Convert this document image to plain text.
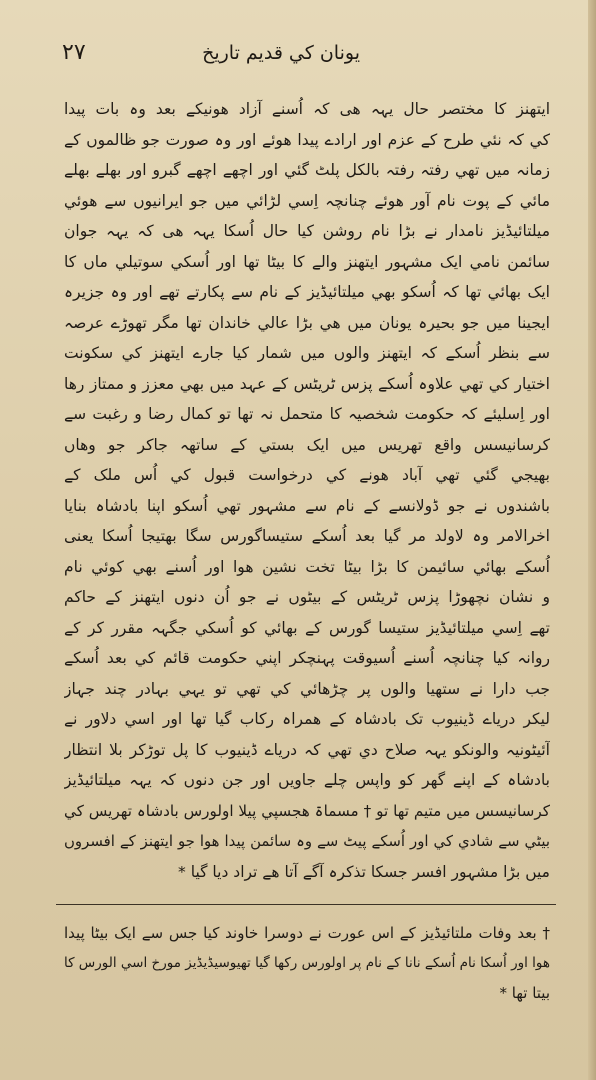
۲۷	یونان کي قدیم تاریخ
ایتھنز کا مختصر حال یہہ ھی کہ اُسنے آزاد ھونیکے بعد وہ بات پیدا
کي کہ نئي طرح کے عزم اور ارادے پیدا ھوئے اور وہ صورت جو ظالموں کے
زمانہ میں تھي رفتہ رفتہ بالکل پلٹ گئي اور اچھے اچھے گبرو اور بھلے بھلے
مائي کے پوت نام آور ھوئے چنانچہ اِسي لڑائي میں جو ایرانیوں سے ھوئي
میلتائیڈیز نامدار نے بڑا نام روشن کیا حال اُسکا یہہ ھی کہ یہہ جوان
سائمن نامي ایک مشہور ایتھنز والے کا بیٹا تھا اور اُسکي سوتیلي ماں کا
ایک بھائي تھا کہ اُسکو بھي میلتائیڈیز کے نام سے پکارتے تھے اور وہ جزیرہ
ایجینا میں جو بحیرہ یونان میں ھي بڑا عالي خاندان تھا مگر تھوڑے عرصہ
سے بنظر اُسکے کہ ایتھنز والوں میں شمار کیا جارے ایتھنز کي سکونت
اختیار کي تھي علاوہ اُسکے پزس ٹریٹس کے عہد میں بھي معزز و ممتاز رھا
اور اِسلیئے کہ حکومت شخصیہ کا متحمل نہ تھا تو کمال رضا و رغبت سے
کرسانیسس واقع تھریس میں ایک بستي کے ساتھہ جاکر جو وھاں
بھیجي گئي تھي آباد ھونے کي درخواست قبول کي اُس ملک کے
باشندوں نے جو ڈولانسے کے نام سے مشہور تھي اُسکو اپنا بادشاہ بنایا
اخرالامر وہ لاولد مر گیا بعد اُسکے ستیساگورس سگا بھتیجا اُسکا یعنی
اُسکے بھائي سائیمن کا بڑا بیٹا تخت نشین ھوا اور اُسنے بھي کوئي نام
و نشان نچھوڑا پزس ٹریٹس کے بیٹوں نے جو اُن دنوں ایتھنز کے حاکم
تھے اِسي میلتائیڈیز ستیسا گورس کے بھائي کو اُسکي جگہہ مقرر کر کے
روانہ کیا چنانچہ اُسنے اُسیوقت پہنچکر اپني حکومت قائم کي بعد اُسکے
جب دارا نے ستھیا والوں پر چڑھائي کي تھي تو یہي بہادر چند جہاز
لیکر دریاے ڈینیوب تک بادشاہ کے ھمراہ رکاب گیا تھا اور اسي دلاور نے
آئیٹونیہ والونکو یہہ صلاح دي تھي کہ دریاے ڈینیوب کا پل توڑکر بلا انتظار
بادشاہ کے اپنے گھر کو واپس چلے جاویں اور جن دنوں کہ یہہ میلتائیڈیز
کرسانیسس میں متیم تھا تو † مسماۃ ھجسپي پیلا اولورس بادشاہ تھریس کي
بیٹي سے شادي کي اور اُسکے پیٹ سے وہ سائمن پیدا ھوا جو ایتھنز کے افسروں
میں بڑا مشہور افسر جسکا تذکرہ آگے آتا ھے تراد دیا گیا *
† بعد وفات ملتائیڈیز کے اس عورت نے دوسرا خاوند کیا جس سے ایک بیٹا پیدا
ھوا اور اُسکا نام اُسکے نانا کے نام پر اولورس رکھا گیا تھیوسیڈیڈیز مورخ اسي الورس کا
بیتا تھا *
